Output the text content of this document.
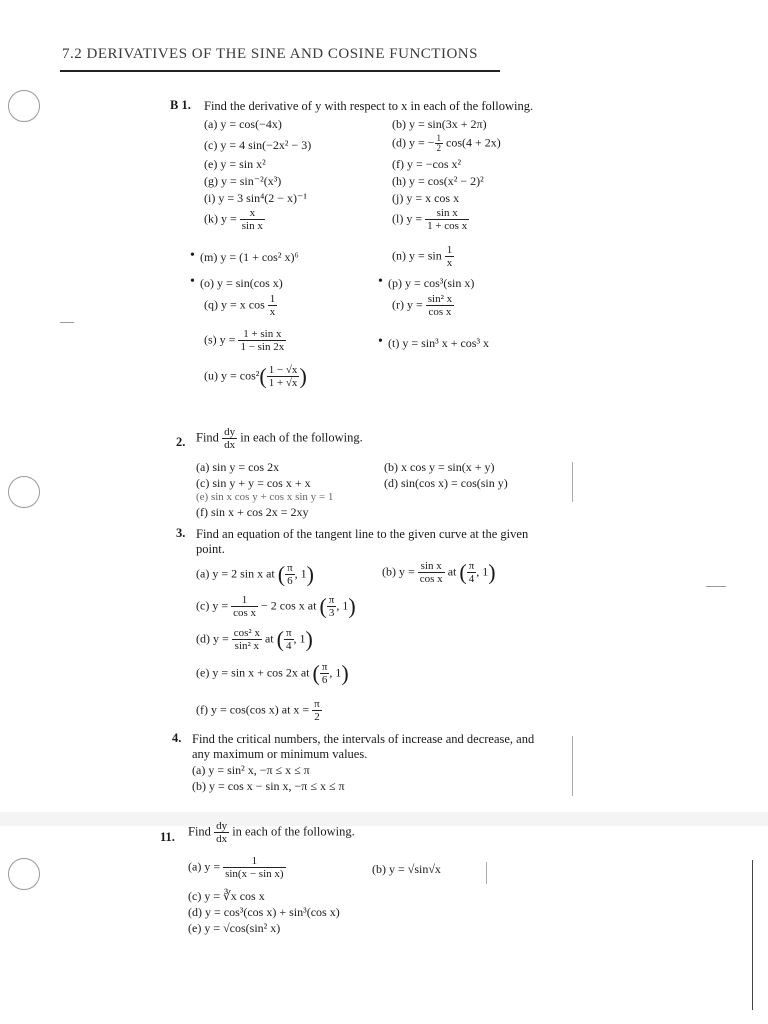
7.2 DERIVATIVES OF THE SINE AND COSINE FUNCTIONS
B 1. Find the derivative of y with respect to x in each of the following.
(a) y = cos(−4x)	(b) y = sin(3x + 2π)
(c) y = 4 sin(−2x² − 3)	(d) y = − $\frac{1}{2} \cos(4 + 2x)$
(e) y = sin x²	(f) y = −cos x²
(g) y = sin⁻²(x³)	(h) y = cos(x² − 2)²
(i) y = 3 sin⁴(2 − x)⁻¹	(j) y = x cos x
(k) $y = \frac{x}{\text{sin x}}$	(l) $y = \frac{\text{sin x}}{\text{1 + cos x}}$
• (m) y = (1 + cos² x)⁶	(n) $y = \sin \frac{1}{x}$
• (o) y = sin(cos x)	• (p) y = cos³(sin x)
(q) y = x $\cos \frac{1}{x}$	(r) $y = \frac{\text{sin² x}}{\text{cos x}}$
(s) $y = \frac{\text{1 + sin x}}{1 - \sin 2x}$	• (t) y = sin³ x + cos³ x
(u) $y = \cos^2( \frac{1 - √x}{1 + √x}$ )
2. Find $\frac{dy}{dx}$ in each of the following.
(a) sin y = cos 2x	(b) x cos y = sin(x + y)
(c) sin y + y = cos x + x	(d) sin(cos x) = cos(sin y)
(e) sin x cos y + cos x sin y = 1
(f) sin x + cos 2x = 2xy
3. Find an equation of the tangent line to the given curve at the given
point.
(a) y = 2 sin x at ( $\frac{\pi}{6}$ , 1)	(b) $y = \frac{\text{sin x}}{\text{cos x}}$ at ( $\frac{\pi}{4}$ , 1)
(c) $y = \frac{1}{\text{cos x}} - 2$ cos x at ( $\frac{\pi}{3}$ , 1)
(d) $y = \frac{\text{cos² x}}{\text{sin² x}}$ at ( $\frac{\pi}{4}$ , 1)
(e) y = sin x + cos 2x at ( $\frac{\pi}{6}$ , 1)
(f) y = cos(cos x) at $x = \frac{\pi}{2}$
4. Find the critical numbers, the intervals of increase and decrease, and
any maximum or minimum values.
(a) y = sin² x, −π ≤ x ≤ π
(b) y = cos x − sin x, −π ≤ x ≤ π
11. Find $\frac{dy}{dx}$ in each of the following.
(a) $y = \frac{1}{\text{sin(x − sin x)}}$	(b) y = √sin√x
(c) y = ∛x cos x
(d) y = cos³(cos x) + sin³(cos x)
(e) y = √cos(sin² x)
